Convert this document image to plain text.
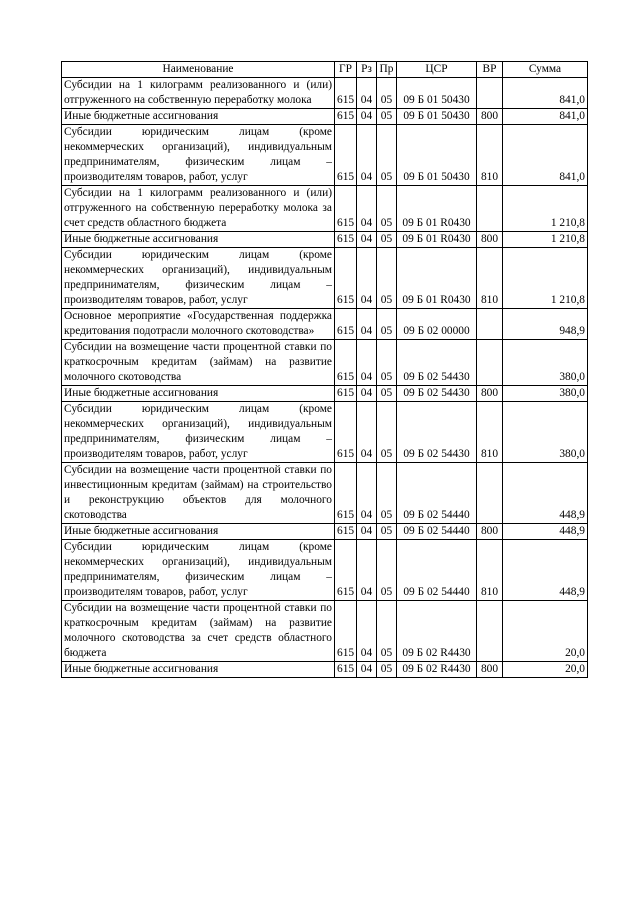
Наименование	ГР	Рз	Пр	ЦСР	ВР	Сумма
Субсидии на 1 килограмм реализованного и (или) отгруженного на собственную переработку молока	615	04	05	09 Б 01 50430		841,0
Иные бюджетные ассигнования	615	04	05	09 Б 01 50430	800	841,0
Субсидии юридическим лицам (кроме некоммерческих организаций), индивидуальным предпринимателям, физическим лицам – производителям товаров, работ, услуг	615	04	05	09 Б 01 50430	810	841,0
Субсидии на 1 килограмм реализованного и (или) отгруженного на собственную переработку молока за счет средств областного бюджета	615	04	05	09 Б 01 R0430		1 210,8
Иные бюджетные ассигнования	615	04	05	09 Б 01 R0430	800	1 210,8
Субсидии юридическим лицам (кроме некоммерческих организаций), индивидуальным предпринимателям, физическим лицам – производителям товаров, работ, услуг	615	04	05	09 Б 01 R0430	810	1 210,8
Основное мероприятие «Государственная поддержка кредитования подотрасли молочного скотоводства»	615	04	05	09 Б 02 00000		948,9
Субсидии на возмещение части процентной ставки по краткосрочным кредитам (займам) на развитие молочного скотоводства	615	04	05	09 Б 02 54430		380,0
Иные бюджетные ассигнования	615	04	05	09 Б 02 54430	800	380,0
Субсидии юридическим лицам (кроме некоммерческих организаций), индивидуальным предпринимателям, физическим лицам – производителям товаров, работ, услуг	615	04	05	09 Б 02 54430	810	380,0
Субсидии на возмещение части процентной ставки по инвестиционным кредитам (займам) на строительство и реконструкцию объектов для молочного скотоводства	615	04	05	09 Б 02 54440		448,9
Иные бюджетные ассигнования	615	04	05	09 Б 02 54440	800	448,9
Субсидии юридическим лицам (кроме некоммерческих организаций), индивидуальным предпринимателям, физическим лицам – производителям товаров, работ, услуг	615	04	05	09 Б 02 54440	810	448,9
Субсидии на возмещение части процентной ставки по краткосрочным кредитам (займам) на развитие молочного скотоводства за счет средств областного бюджета	615	04	05	09 Б 02 R4430		20,0
Иные бюджетные ассигнования	615	04	05	09 Б 02 R4430	800	20,0
